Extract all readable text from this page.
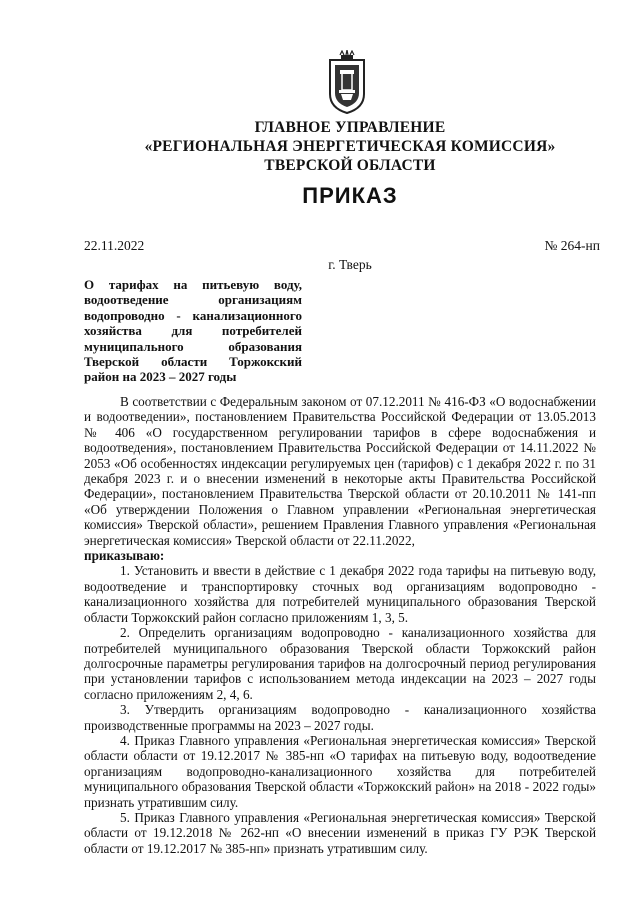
ГЛАВНОЕ УПРАВЛЕНИЕ
«РЕГИОНАЛЬНАЯ ЭНЕРГЕТИЧЕСКАЯ КОМИССИЯ»
ТВЕРСКОЙ ОБЛАСТИ
ПРИКАЗ
22.11.2022	№ 264-нп
г. Тверь
О тарифах на питьевую воду, водоотведение организациям водопроводно - канализационного хозяйства для потребителей муниципального образования Тверской области Торжокский район на 2023 – 2027 годы

В соответствии с Федеральным законом от 07.12.2011 № 416-ФЗ «О водоснабжении и водоотведении», постановлением Правительства Российской Федерации от 13.05.2013 № 406 «О государственном регулировании тарифов в сфере водоснабжения и водоотведения», постановлением Правительства Российской Федерации от 14.11.2022 № 2053 «Об особенностях индексации регулируемых цен (тарифов) с 1 декабря 2022 г. по 31 декабря 2023 г. и о внесении изменений в некоторые акты Правительства Российской Федерации», постановлением Правительства Тверской области от 20.10.2011 № 141-пп «Об утверждении Положения о Главном управлении «Региональная энергетическая комиссия» Тверской области», решением Правления Главного управления «Региональная энергетическая комиссия» Тверской области от 22.11.2022,

приказываю:

1. Установить и ввести в действие с 1 декабря 2022 года тарифы на питьевую воду, водоотведение и транспортировку сточных вод организациям водопроводно - канализационного хозяйства для потребителей муниципального образования Тверской области Торжокский район согласно приложениям 1, 3, 5.

2. Определить организациям водопроводно - канализационного хозяйства для потребителей муниципального образования Тверской области Торжокский район долгосрочные параметры регулирования тарифов на долгосрочный период регулирования при установлении тарифов с использованием метода индексации на 2023 – 2027 годы согласно приложениям 2, 4, 6.

3. Утвердить организациям водопроводно - канализационного хозяйства производственные программы на 2023 – 2027 годы.

4. Приказ Главного управления «Региональная энергетическая комиссия» Тверской области области от 19.12.2017 № 385-нп «О тарифах на питьевую воду, водоотведение организациям водопроводно-канализационного хозяйства для потребителей муниципального образования Тверской области «Торжокский район» на 2018 - 2022 годы» признать утратившим силу.

5. Приказ Главного управления «Региональная энергетическая комиссия» Тверской области от 19.12.2018 № 262-нп «О внесении изменений в приказ ГУ РЭК Тверской области от 19.12.2017 № 385-нп» признать утратившим силу.
